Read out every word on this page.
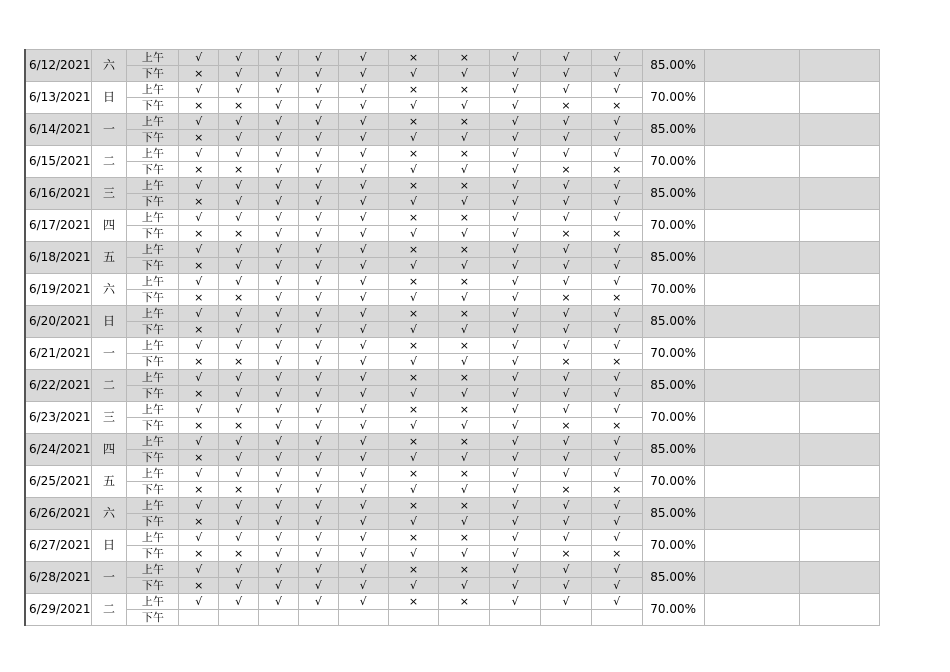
6/12/2021	六	上午	√	√	√	√	√	×	×	√	√	√	85.00%		
		下午	×	√	√	√	√	√	√	√	√	√			
6/13/2021	日	上午	√	√	√	√	√	×	×	√	√	√	70.00%		
		下午	×	×	√	√	√	√	√	√	×	×			
6/14/2021	一	上午	√	√	√	√	√	×	×	√	√	√	85.00%		
		下午	×	√	√	√	√	√	√	√	√	√			
6/15/2021	二	上午	√	√	√	√	√	×	×	√	√	√	70.00%		
		下午	×	×	√	√	√	√	√	√	×	×			
6/16/2021	三	上午	√	√	√	√	√	×	×	√	√	√	85.00%		
		下午	×	√	√	√	√	√	√	√	√	√			
6/17/2021	四	上午	√	√	√	√	√	×	×	√	√	√	70.00%		
		下午	×	×	√	√	√	√	√	√	×	×			
6/18/2021	五	上午	√	√	√	√	√	×	×	√	√	√	85.00%		
		下午	×	√	√	√	√	√	√	√	√	√			
6/19/2021	六	上午	√	√	√	√	√	×	×	√	√	√	70.00%		
		下午	×	×	√	√	√	√	√	√	×	×			
6/20/2021	日	上午	√	√	√	√	√	×	×	√	√	√	85.00%		
		下午	×	√	√	√	√	√	√	√	√	√			
6/21/2021	一	上午	√	√	√	√	√	×	×	√	√	√	70.00%		
		下午	×	×	√	√	√	√	√	√	×	×			
6/22/2021	二	上午	√	√	√	√	√	×	×	√	√	√	85.00%		
		下午	×	√	√	√	√	√	√	√	√	√			
6/23/2021	三	上午	√	√	√	√	√	×	×	√	√	√	70.00%		
		下午	×	×	√	√	√	√	√	√	×	×			
6/24/2021	四	上午	√	√	√	√	√	×	×	√	√	√	85.00%		
		下午	×	√	√	√	√	√	√	√	√	√			
6/25/2021	五	上午	√	√	√	√	√	×	×	√	√	√	70.00%		
		下午	×	×	√	√	√	√	√	√	×	×			
6/26/2021	六	上午	√	√	√	√	√	×	×	√	√	√	85.00%		
		下午	×	√	√	√	√	√	√	√	√	√			
6/27/2021	日	上午	√	√	√	√	√	×	×	√	√	√	70.00%		
		下午	×	×	√	√	√	√	√	√	×	×			
6/28/2021	一	上午	√	√	√	√	√	×	×	√	√	√	85.00%		
		下午	×	√	√	√	√	√	√	√	√	√			
6/29/2021	二	上午	√	√	√	√	√	×	×	√	√	√	70.00%		
		下午													
